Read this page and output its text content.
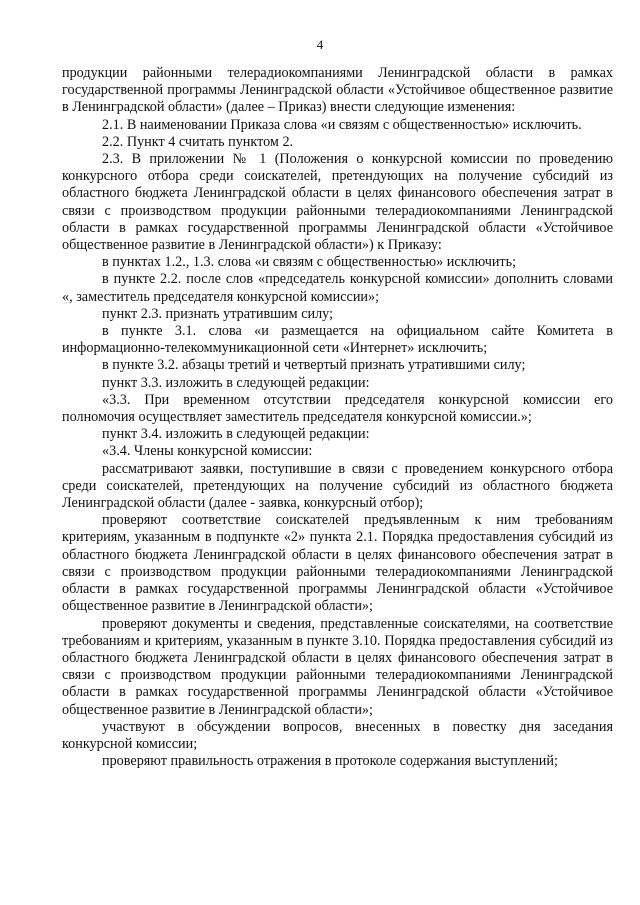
4

продукции районными телерадиокомпаниями Ленинградской области в рамках государственной программы Ленинградской области «Устойчивое общественное развитие в Ленинградской области» (далее – Приказ) внести следующие изменения:

2.1. В наименовании Приказа слова «и связям с общественностью» исключить.

2.2. Пункт 4 считать пунктом 2.

2.3. В приложении № 1 (Положения о конкурсной комиссии по проведению конкурсного отбора среди соискателей, претендующих на получение субсидий из областного бюджета Ленинградской области в целях финансового обеспечения затрат в связи с производством продукции районными телерадиокомпаниями Ленинградской области в рамках государственной программы Ленинградской области «Устойчивое общественное развитие в Ленинградской области») к Приказу:

в пунктах 1.2., 1.3. слова «и связям с общественностью» исключить;

в пункте 2.2. после слов «председатель конкурсной комиссии» дополнить словами «, заместитель председателя конкурсной комиссии»;

пункт 2.3. признать утратившим силу;

в пункте 3.1. слова «и размещается на официальном сайте Комитета в информационно-телекоммуникационной сети «Интернет» исключить;

в пункте 3.2. абзацы третий и четвертый признать утратившими силу;

пункт 3.3. изложить в следующей редакции:

«3.3. При временном отсутствии председателя конкурсной комиссии его полномочия осуществляет заместитель председателя конкурсной комиссии.»;

пункт 3.4. изложить в следующей редакции:

«3.4. Члены конкурсной комиссии:

рассматривают заявки, поступившие в связи с проведением конкурсного отбора среди соискателей, претендующих на получение субсидий из областного бюджета Ленинградской области (далее - заявка, конкурсный отбор);

проверяют соответствие соискателей предъявленным к ним требованиям критериям, указанным в подпункте «2» пункта 2.1. Порядка предоставления субсидий из областного бюджета Ленинградской области в целях финансового обеспечения затрат в связи с производством продукции районными телерадиокомпаниями Ленинградской области в рамках государственной программы Ленинградской области «Устойчивое общественное развитие в Ленинградской области»;

проверяют документы и сведения, представленные соискателями, на соответствие требованиям и критериям, указанным в пункте 3.10. Порядка предоставления субсидий из областного бюджета Ленинградской области в целях финансового обеспечения затрат в связи с производством продукции районными телерадиокомпаниями Ленинградской области в рамках государственной программы Ленинградской области «Устойчивое общественное развитие в Ленинградской области»;

участвуют в обсуждении вопросов, внесенных в повестку дня заседания конкурсной комиссии;

проверяют правильность отражения в протоколе содержания выступлений;
